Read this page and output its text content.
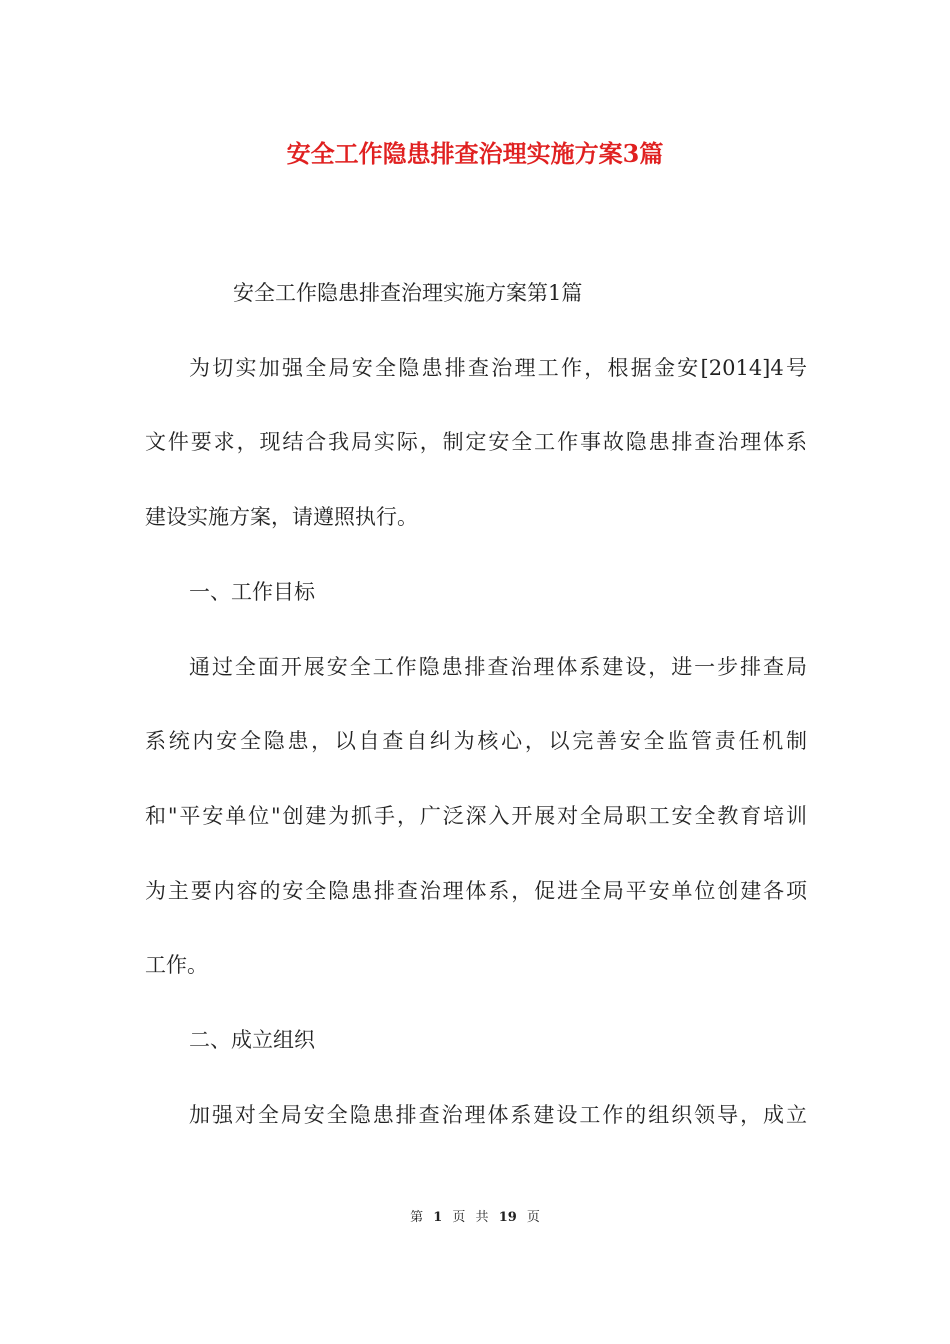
安全工作隐患排查治理实施方案3篇

安全工作隐患排查治理实施方案第1篇

为切实加强全局安全隐患排查治理工作，根据金安[2014]4号
文件要求，现结合我局实际，制定安全工作事故隐患排查治理体系
建设实施方案，请遵照执行。

一、工作目标

通过全面开展安全工作隐患排查治理体系建设，进一步排查局
系统内安全隐患，以自查自纠为核心，以完善安全监管责任机制
和"平安单位"创建为抓手，广泛深入开展对全局职工安全教育培训
为主要内容的安全隐患排查治理体系，促进全局平安单位创建各项
工作。

二、成立组织

加强对全局安全隐患排查治理体系建设工作的组织领导，成立

第 1 页 共 19 页
